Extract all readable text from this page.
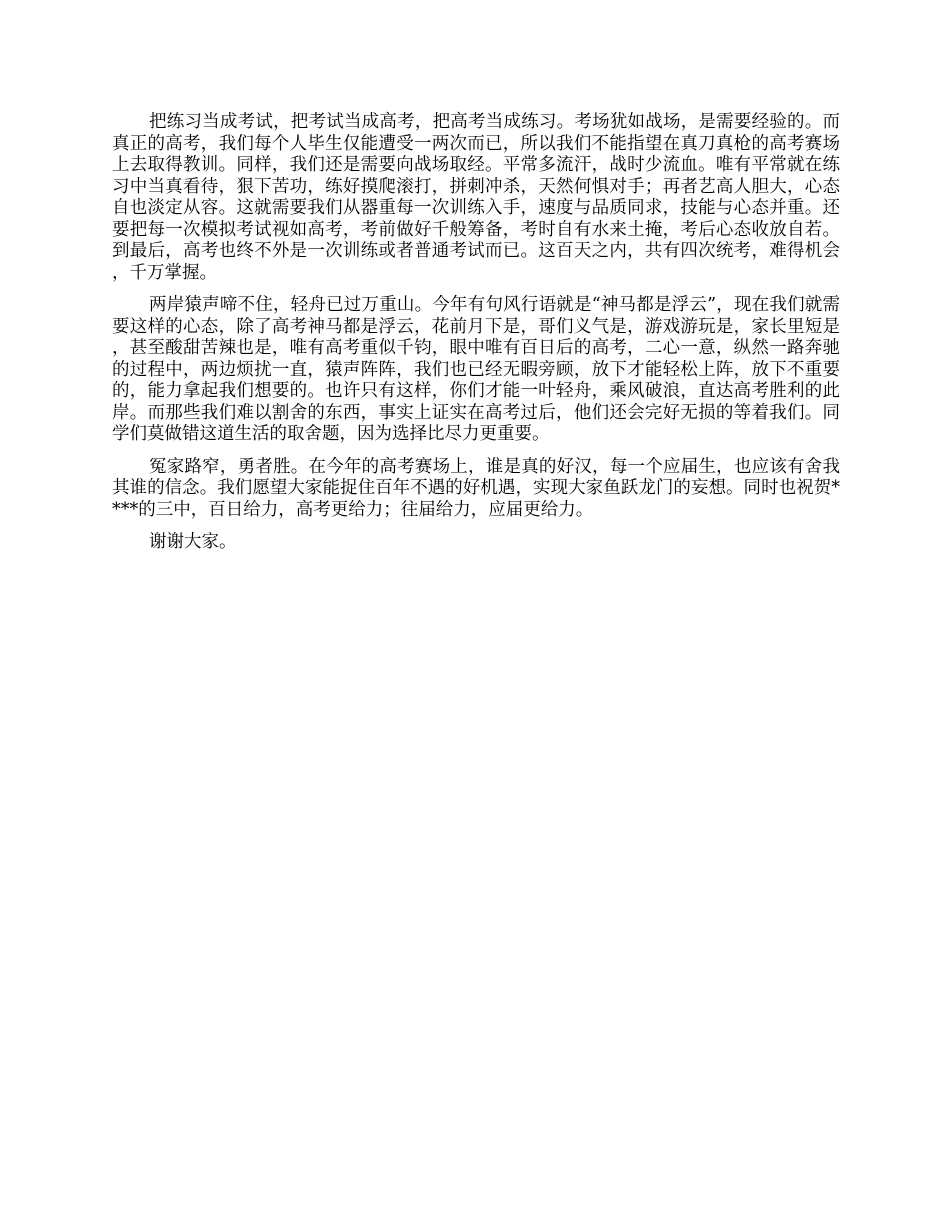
把练习当成考试，把考试当成高考，把高考当成练习。考场犹如战场，是需要经验的。而真正的高考，我们每个人毕生仅能遭受一两次而已，所以我们不能指望在真刀真枪的高考赛场上去取得教训。同样，我们还是需要向战场取经。平常多流汗，战时少流血。唯有平常就在练习中当真看待，狠下苦功，练好摸爬滚打，拼刺冲杀，天然何惧对手；再者艺高人胆大，心态自也淡定从容。这就需要我们从器重每一次训练入手，速度与品质同求，技能与心态并重。还要把每一次模拟考试视如高考，考前做好千般筹备，考时自有水来土掩，考后心态收放自若。到最后，高考也终不外是一次训练或者普通考试而已。这百天之内，共有四次统考，难得机会，千万掌握。

两岸猿声啼不住，轻舟已过万重山。今年有句风行语就是“神马都是浮云”，现在我们就需要这样的心态，除了高考神马都是浮云，花前月下是，哥们义气是，游戏游玩是，家长里短是，甚至酸甜苦辣也是，唯有高考重似千钧，眼中唯有百日后的高考，二心一意，纵然一路奔驰的过程中，两边烦扰一直，猿声阵阵，我们也已经无暇旁顾，放下才能轻松上阵，放下不重要的，能力拿起我们想要的。也许只有这样，你们才能一叶轻舟，乘风破浪，直达高考胜利的此岸。而那些我们难以割舍的东西，事实上证实在高考过后，他们还会完好无损的等着我们。同学们莫做错这道生活的取舍题，因为选择比尽力更重要。

冤家路窄，勇者胜。在今年的高考赛场上，谁是真的好汉，每一个应届生，也应该有舍我其谁的信念。我们愿望大家能捉住百年不遇的好机遇，实现大家鱼跃龙门的妄想。同时也祝贺****的三中，百日给力，高考更给力；往届给力，应届更给力。

谢谢大家。
